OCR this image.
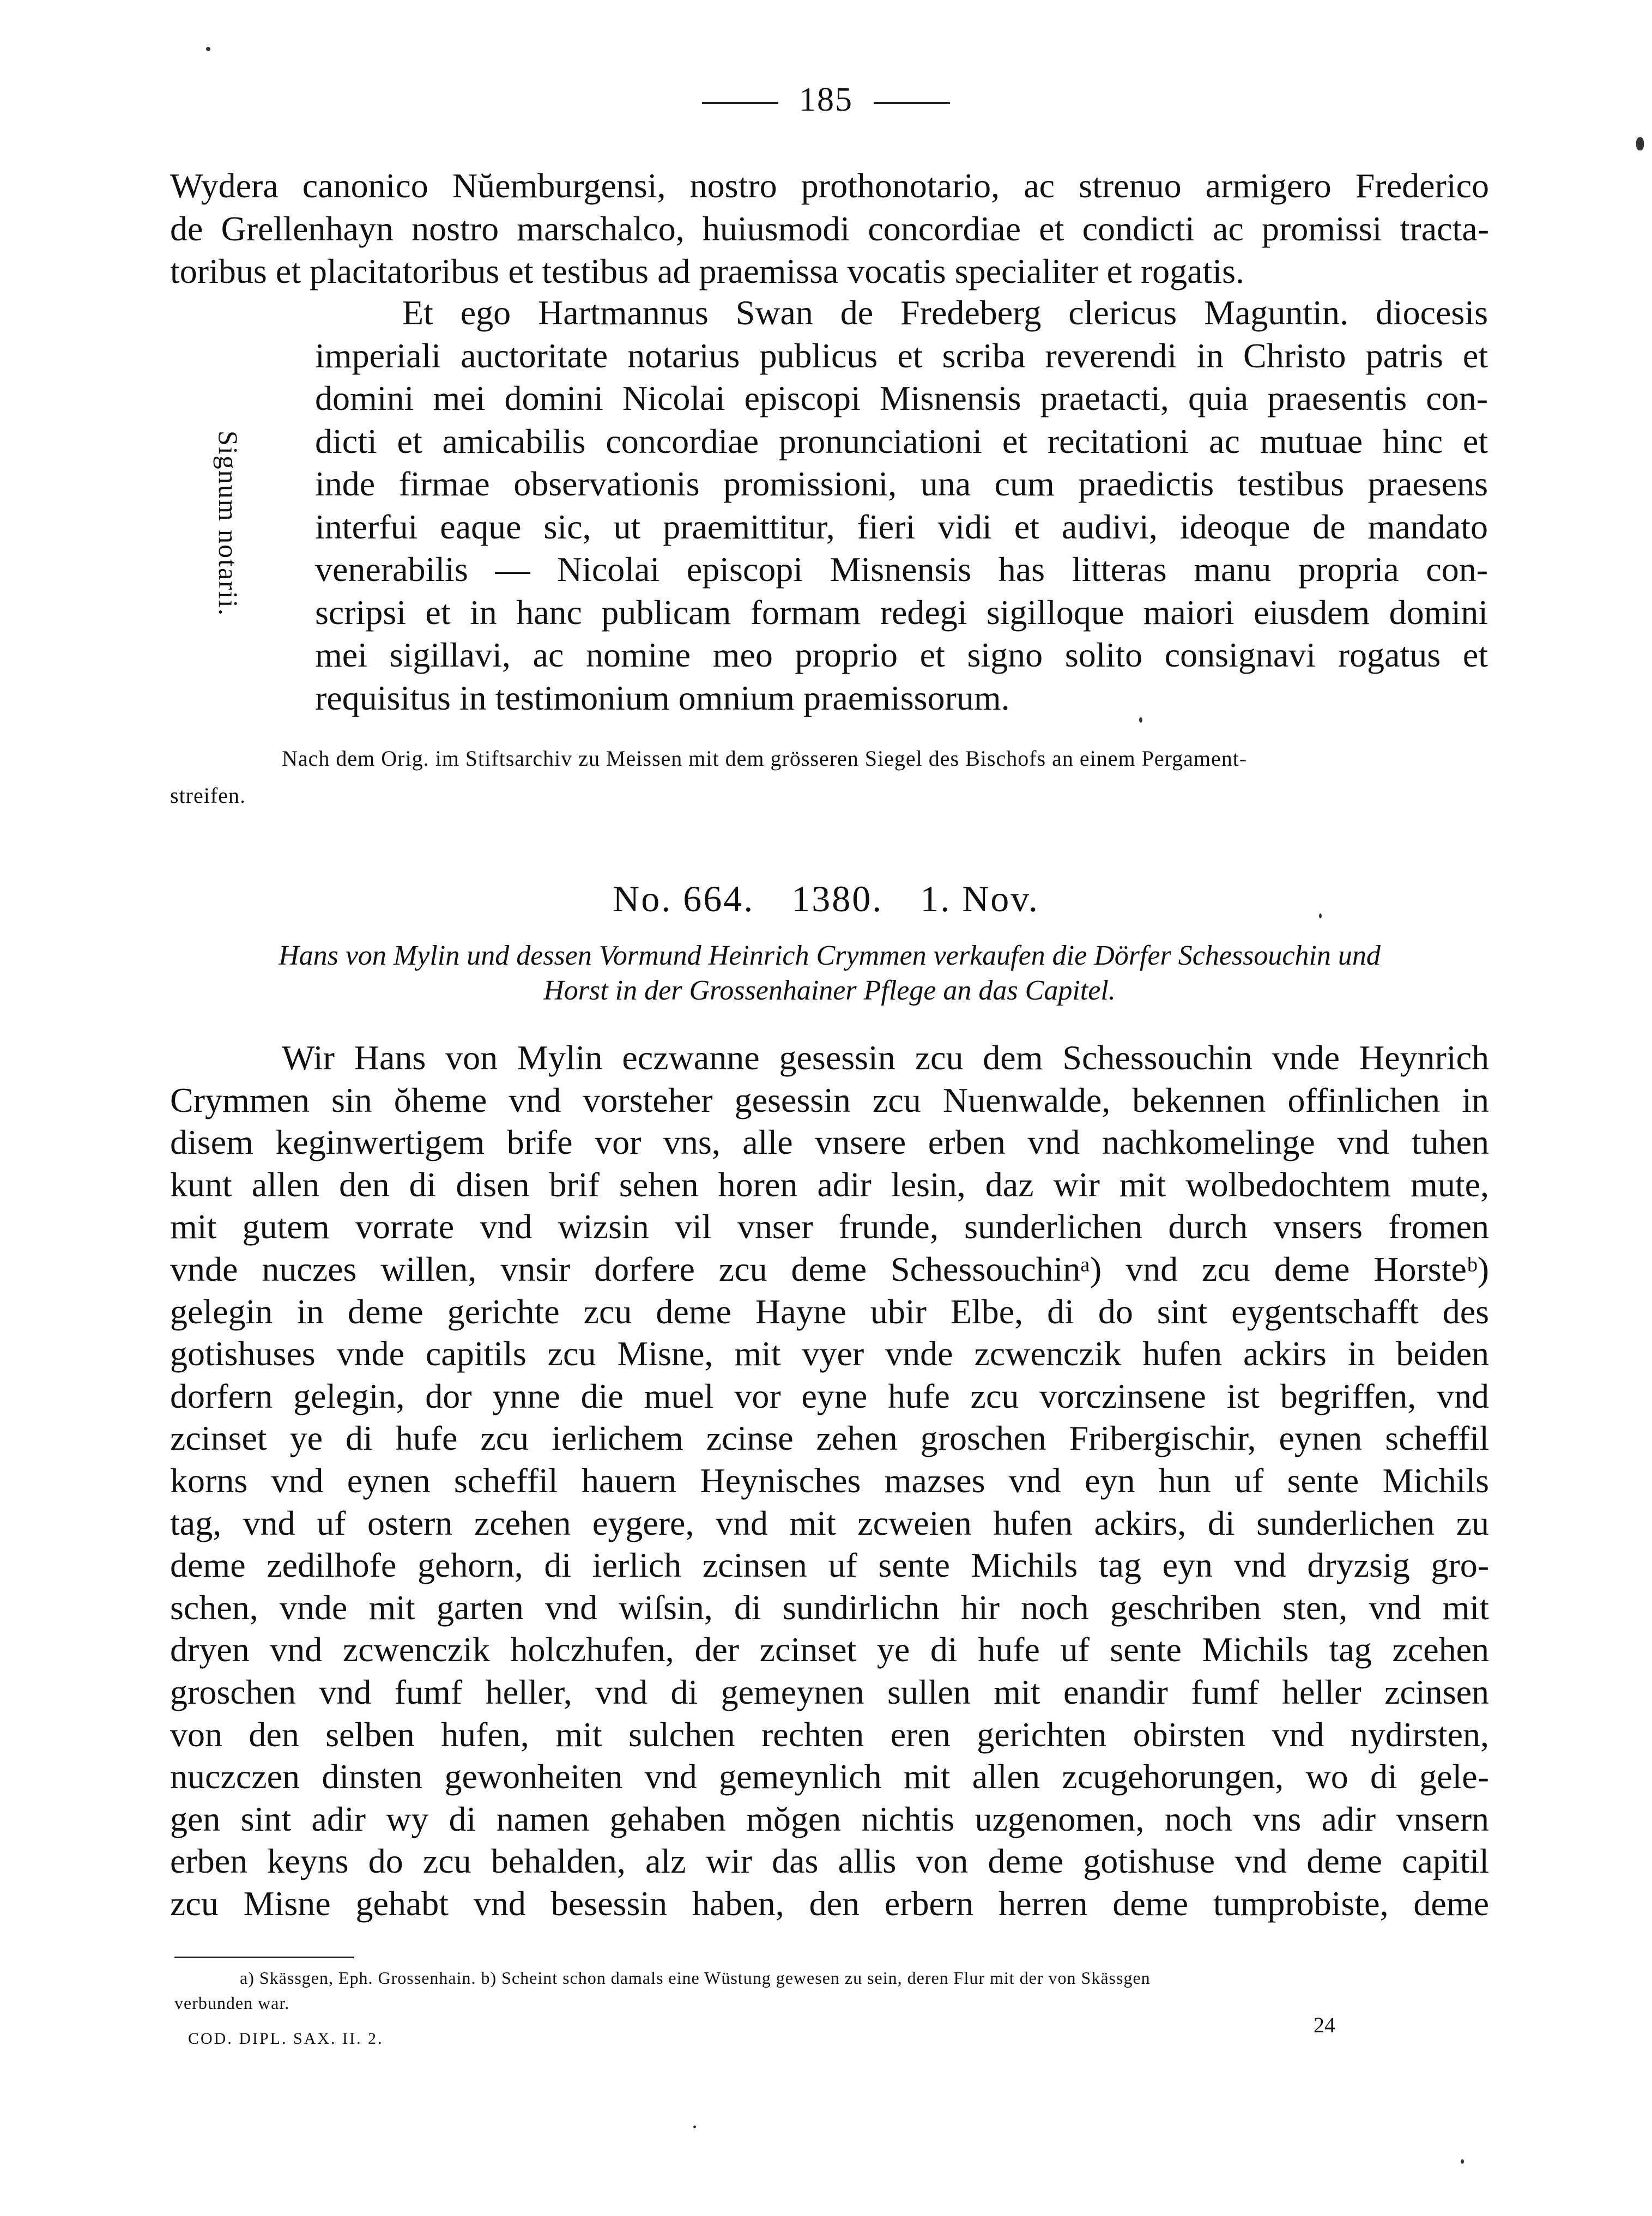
185
Wydera canonico Nŭemburgensi, nostro prothonotario, ac strenuo armigero Frederico
de Grellenhayn nostro marschalco, huiusmodi concordiae et condicti ac promissi tracta-
toribus et placitatoribus et testibus ad praemissa vocatis specialiter et rogatis.
Signum notarii.
Et ego Hartmannus Swan de Fredeberg clericus Maguntin. diocesis
imperiali auctoritate notarius publicus et scriba reverendi in Christo patris et
domini mei domini Nicolai episcopi Misnensis praetacti, quia praesentis con-
dicti et amicabilis concordiae pronunciationi et recitationi ac mutuae hinc et
inde firmae observationis promissioni, una cum praedictis testibus praesens
interfui eaque sic, ut praemittitur, fieri vidi et audivi, ideoque de mandato
venerabilis — Nicolai episcopi Misnensis has litteras manu propria con-
scripsi et in hanc publicam formam redegi sigilloque maiori eiusdem domini
mei sigillavi, ac nomine meo proprio et signo solito consignavi rogatus et
requisitus in testimonium omnium praemissorum.
Nach dem Orig. im Stiftsarchiv zu Meissen mit dem grösseren Siegel des Bischofs an einem Pergament-
streifen.
No. 664. 1380. 1. Nov.
Hans von Mylin und dessen Vormund Heinrich Crymmen verkaufen die Dörfer Schessouchin und
Horst in der Grossenhainer Pflege an das Capitel.
Wir Hans von Mylin eczwanne gesessin zcu dem Schessouchin vnde Heynrich
Crymmen sin ŏheme vnd vorsteher gesessin zcu Nuenwalde, bekennen offinlichen in
disem keginwertigem brife vor vns, alle vnsere erben vnd nachkomelinge vnd tuhen
kunt allen den di disen brif sehen horen adir lesin, daz wir mit wolbedochtem mute,
mit gutem vorrate vnd wizsin vil vnser frunde, sunderlichen durch vnsers fromen
vnde nuczes willen, vnsir dorfere zcu deme Schessouchinᵃ) vnd zcu deme Horsteᵇ)
gelegin in deme gerichte zcu deme Hayne ubir Elbe, di do sint eygentschafft des
gotishuses vnde capitils zcu Misne, mit vyer vnde zcwenczik hufen ackirs in beiden
dorfern gelegin, dor ynne die muel vor eyne hufe zcu vorczinsene ist begriffen, vnd
zcinset ye di hufe zcu ierlichem zcinse zehen groschen Fribergischir, eynen scheffil
korns vnd eynen scheffil hauern Heynisches mazses vnd eyn hun uf sente Michils
tag, vnd uf ostern zcehen eygere, vnd mit zcweien hufen ackirs, di sunderlichen zu
deme zedilhofe gehorn, di ierlich zcinsen uf sente Michils tag eyn vnd dryzsig gro-
schen, vnde mit garten vnd wiſsin, di sundirlichn hir noch geschriben sten, vnd mit
dryen vnd zcwenczik holczhufen, der zcinset ye di hufe uf sente Michils tag zcehen
groschen vnd fumf heller, vnd di gemeynen sullen mit enandir fumf heller zcinsen
von den selben hufen, mit sulchen rechten eren gerichten obirsten vnd nydirsten,
nuczczen dinsten gewonheiten vnd gemeynlich mit allen zcugehorungen, wo di gele-
gen sint adir wy di namen gehaben mŏgen nichtis uzgenomen, noch vns adir vnsern
erben keyns do zcu behalden, alz wir das allis von deme gotishuse vnd deme capitil
zcu Misne gehabt vnd besessin haben, den erbern herren deme tumprobiste, deme
a) Skässgen, Eph. Grossenhain. b) Scheint schon damals eine Wüstung gewesen zu sein, deren Flur mit der von Skässgen
verbunden war.
COD. DIPL. SAX. II. 2.
24
